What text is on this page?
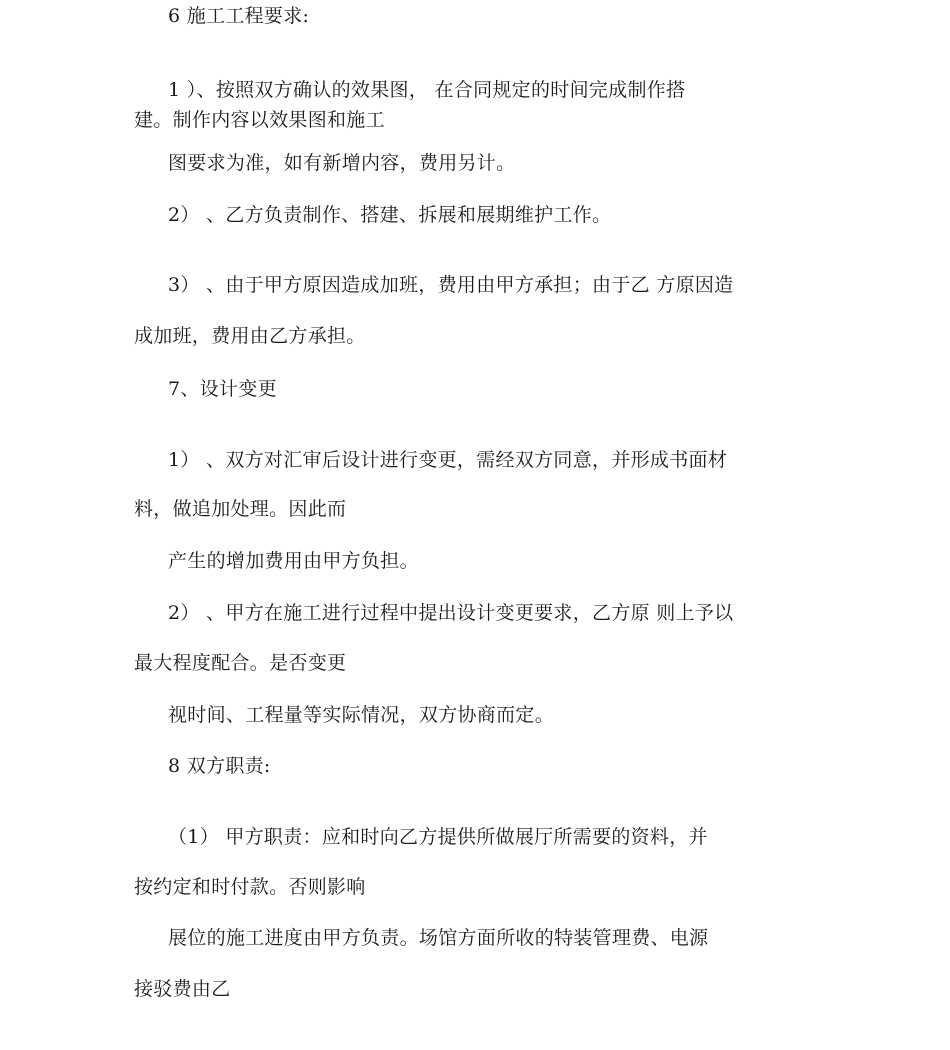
6 施工工程要求:
1 ）、按照双方确认的效果图， 在合同规定的时间完成制作搭
建。制作内容以效果图和施工
图要求为准，如有新增内容，费用另计。
2） 、乙方负责制作、搭建、拆展和展期维护工作。
3） 、由于甲方原因造成加班，费用由甲方承担；由于乙 方原因造
成加班，费用由乙方承担。
7、设计变更
1） 、双方对汇审后设计进行变更，需经双方同意，并形成书面材
料，做追加处理。因此而
产生的增加费用由甲方负担。
2） 、甲方在施工进行过程中提出设计变更要求，乙方原 则上予以
最大程度配合。是否变更
视时间、工程量等实际情况，双方协商而定。
8 双方职责:
（1） 甲方职责：应和时向乙方提供所做展厅所需要的资料，并
按约定和时付款。否则影响
展位的施工进度由甲方负责。场馆方面所收的特装管理费、电源
接驳费由乙
